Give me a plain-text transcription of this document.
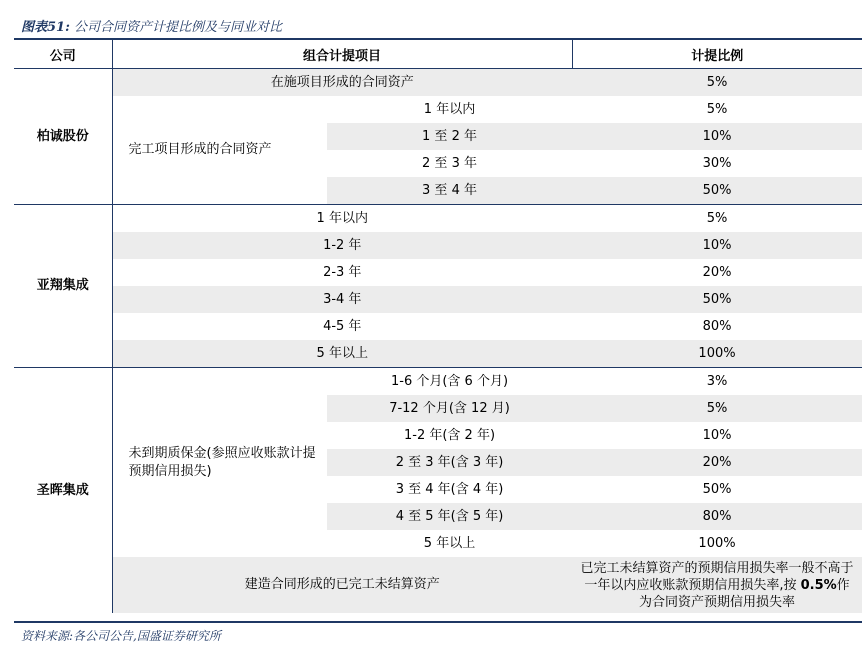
图表51: 公司合同资产计提比例及与同业对比
公司	组合计提项目		计提比例
柏诚股份	在施项目形成的合同资产		5%
	完工项目形成的合同资产	1 年以内	5%
		1 至 2 年	10%
		2 至 3 年	30%
		3 至 4 年	50%
亚翔集成	1 年以内		5%
	1-2 年		10%
	2-3 年		20%
	3-4 年		50%
	4-5 年		80%
	5 年以上		100%
圣晖集成	未到期质保金(参照应收账款计提预期信用损失)	1-6 个月(含 6 个月)	3%
		7-12 个月(含 12 月)	5%
		1-2 年(含 2 年)	10%
		2 至 3 年(含 3 年)	20%
		3 至 4 年(含 4 年)	50%
		4 至 5 年(含 5 年)	80%
		5 年以上	100%
	建造合同形成的已完工未结算资产		已完工未结算资产的预期信用损失率一般不高于一年以内应收账款预期信用损失率,按 0.5%作为合同资产预期信用损失率
资料来源:各公司公告,国盛证券研究所
